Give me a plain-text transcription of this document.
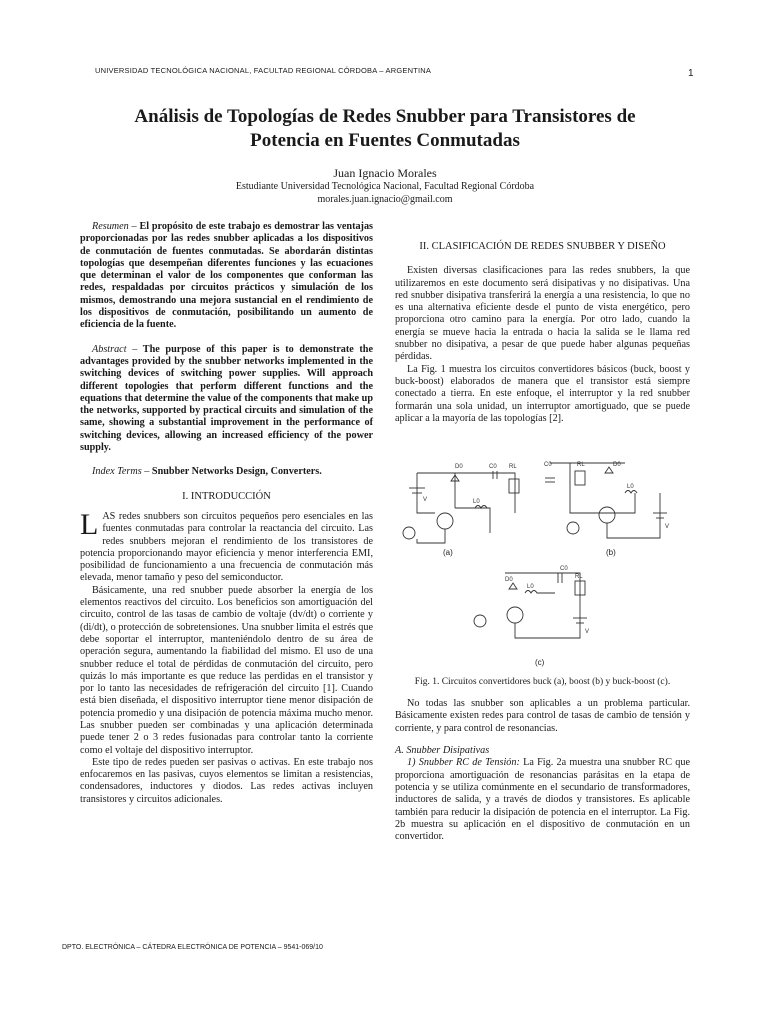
UNIVERSIDAD TECNOLÓGICA NACIONAL, FACULTAD REGIONAL CÓRDOBA – ARGENTINA	1
Análisis de Topologías de Redes Snubber para Transistores de
Potencia en Fuentes Conmutadas
Juan Ignacio Morales
Estudiante Universidad Tecnológica Nacional, Facultad Regional Córdoba
morales.juan.ignacio@gmail.com

Resumen – El propósito de este trabajo es demostrar las ventajas proporcionadas por las redes snubber aplicadas a los dispositivos de conmutación de fuentes conmutadas. Se abordarán distintas topologías que desempeñan diferentes funciones y las ecuaciones que determinan el valor de los componentes que conforman las redes, respaldadas por circuitos prácticos y simulación de los mismos, demostrando una mejora sustancial en el rendimiento de los dispositivos de conmutación, posibilitando un aumento de eficiencia de la fuente.

Abstract – The purpose of this paper is to demonstrate the advantages provided by the snubber networks implemented in the switching devices of switching power supplies. Will approach different topologies that perform different functions and the equations that determine the value of the components that make up the networks, supported by practical circuits and simulation of the same, showing a substantial improvement in the performance of switching devices, allowing an increased efficiency of the power supply.

Index Terms – Snubber Networks Design, Converters.

I. INTRODUCCIÓN

LAS redes snubbers son circuitos pequeños pero esenciales en las fuentes conmutadas para controlar la reactancia del circuito. Las redes snubbers mejoran el rendimiento de los transistores de potencia proporcionando mayor eficiencia y menor interferencia EMI, posibilidad de funcionamiento a una frecuencia de conmutación más elevada, menor tamaño y peso del semiconductor.

Básicamente, una red snubber puede absorber la energía de los elementos reactivos del circuito. Los beneficios son amortiguación del circuito, control de las tasas de cambio de voltaje (dv/dt) o corriente y (di/dt), o protección de sobretensiones. Una snubber limita el estrés que debe soportar el interruptor, manteniéndolo dentro de su área de operación segura, aumentando la fiabilidad del mismo. El uso de una snubber reduce el total de pérdidas de conmutación del circuito, pero quizás lo más importante es que reduce las perdidas en el transistor y por lo tanto las necesidades de refrigeración del circuito [1]. Cuando está bien diseñada, el dispositivo interruptor tiene menor disipación de potencia promedio y una disipación de potencia máxima mucho menor. Las snubber pueden ser combinadas y una aplicación determinada puede tener 2 o 3 redes fusionadas para controlar tanto la corriente como el voltaje del dispositivo interruptor.

Este tipo de redes pueden ser pasivas o activas. En este trabajo nos enfocaremos en las pasivas, cuyos elementos se limitan a resistencias, condensadores, inductores y diodos. Las redes activas incluyen transistores y circuitos adicionales.

II. CLASIFICACIÓN DE REDES SNUBBER Y DISEÑO

Existen diversas clasificaciones para las redes snubbers, la que utilizaremos en este documento será disipativas y no disipativas. Una red snubber disipativa transferirá la energía a una resistencia, lo que no es una alternativa eficiente desde el punto de vista energético, pero proporciona otro camino para la energía. Por otro lado, cuando la energía se mueve hacia la entrada o hacia la salida se le llama red snubber no disipativa, a pesar de que puede haber algunas pequeñas pérdidas.

La Fig. 1 muestra los circuitos convertidores básicos (buck, boost y buck-boost) elaborados de manera que el transistor está siempre conectado a tierra. En este enfoque, el interruptor y la red snubber formarán una sola unidad, un interruptor amortiguado, que se puede aplicar a la mayoría de las topologías [2].

D0	C0 RL
L0
V
C0	RL	D0
L0
V
D0
C0
RL
L0
V
(a)	(b)
(c)
Fig. 1. Circuitos convertidores buck (a), boost (b) y buck-boost (c).

No todas las snubber son aplicables a un problema particular. Básicamente existen redes para control de tasas de cambio de tensión y corriente, y para control de resonancias.

A. Snubber Disipativas

1) Snubber RC de Tensión: La Fig. 2a muestra una snubber RC que proporciona amortiguación de resonancias parásitas en la etapa de potencia y se utiliza comúnmente en el secundario de transformadores, inductores de salida, y a través de diodos y transistores. Es aplicable también para reducir la disipación de potencia en el interruptor. La Fig. 2b muestra su aplicación en el dispositivo de conmutación en un convertidor.

DPTO. ELECTRÓNICA – CÁTEDRA ELECTRÓNICA DE POTENCIA – 9541-069/10
